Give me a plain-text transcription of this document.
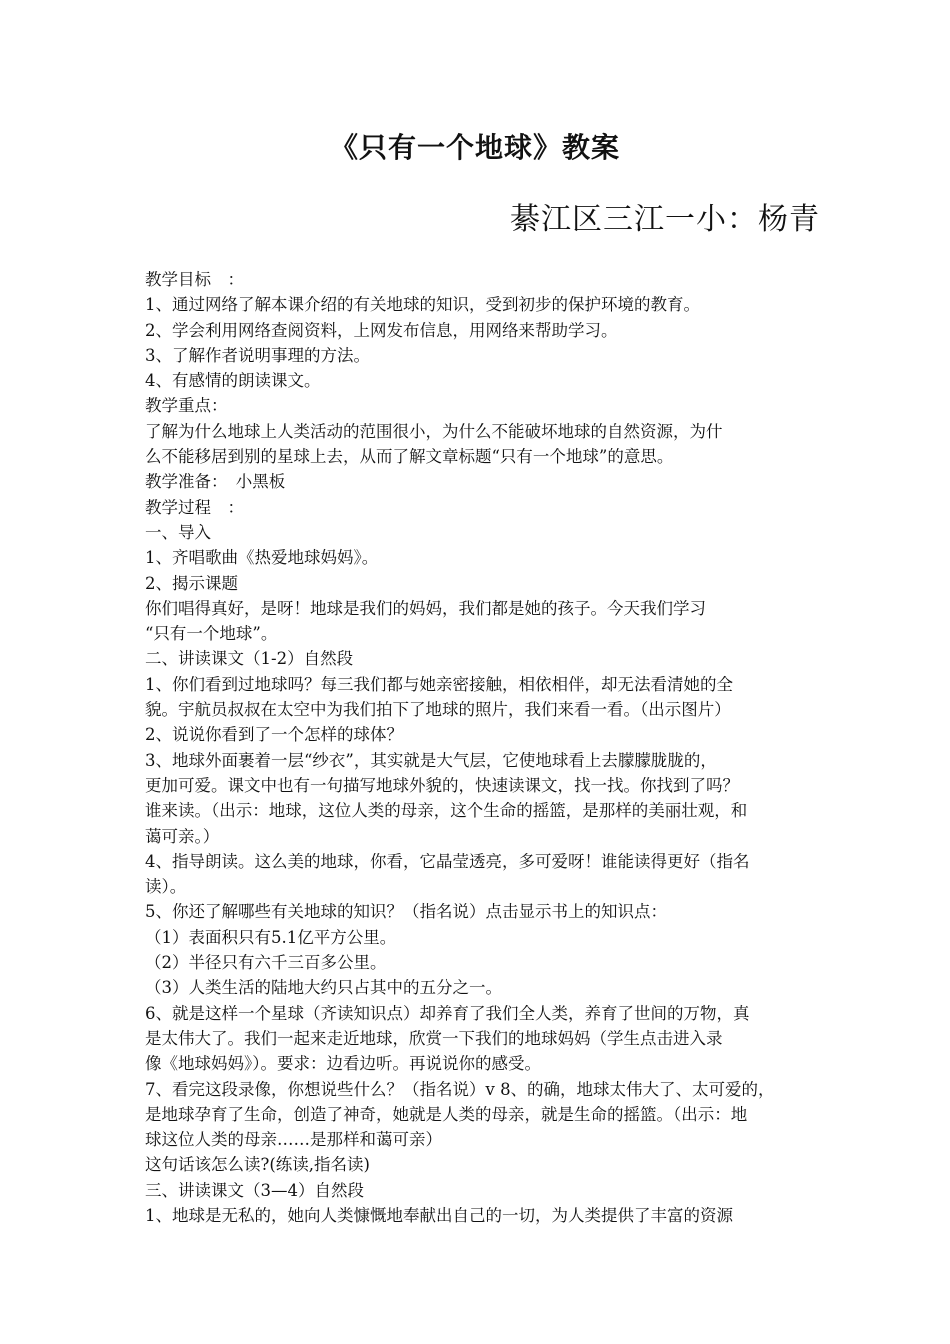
《只有一个地球》教案
綦江区三江一小：杨青
教学目标　：
1、通过网络了解本课介绍的有关地球的知识，受到初步的保护环境的教育。
2、学会利用网络查阅资料，上网发布信息，用网络来帮助学习。
3、了解作者说明事理的方法。
4、有感情的朗读课文。
教学重点：
了解为什么地球上人类活动的范围很小，为什么不能破坏地球的自然资源，为什
么不能移居到别的星球上去，从而了解文章标题“只有一个地球”的意思。
教学准备：　小黑板
教学过程　：
一、导入
1、齐唱歌曲《热爱地球妈妈》。
2、揭示课题
你们唱得真好，是呀！地球是我们的妈妈，我们都是她的孩子。今天我们学习
“只有一个地球”。
二、讲读课文（1-2）自然段
1、你们看到过地球吗？每三我们都与她亲密接触，相依相伴，却无法看清她的全
貌。宇航员叔叔在太空中为我们拍下了地球的照片，我们来看一看。（出示图片）
2、说说你看到了一个怎样的球体？
3、地球外面裹着一层“纱衣”，其实就是大气层，它使地球看上去朦朦胧胧的，
更加可爱。课文中也有一句描写地球外貌的，快速读课文，找一找。你找到了吗？
谁来读。（出示：地球，这位人类的母亲，这个生命的摇篮，是那样的美丽壮观，和
蔼可亲。）
4、指导朗读。这么美的地球，你看，它晶莹透亮，多可爱呀！谁能读得更好（指名
读）。
5、你还了解哪些有关地球的知识？（指名说）点击显示书上的知识点：
（1）表面积只有5.1亿平方公里。
（2）半径只有六千三百多公里。
（3）人类生活的陆地大约只占其中的五分之一。
6、就是这样一个星球（齐读知识点）却养育了我们全人类，养育了世间的万物，真
是太伟大了。我们一起来走近地球，欣赏一下我们的地球妈妈（学生点击进入录
像《地球妈妈》）。要求：边看边听。再说说你的感受。
7、看完这段录像，你想说些什么？（指名说）v 8、的确，地球太伟大了、太可爱的，
是地球孕育了生命，创造了神奇，她就是人类的母亲，就是生命的摇篮。（出示：地
球这位人类的母亲……是那样和蔼可亲）
这句话该怎么读?(练读,指名读)
三、讲读课文（3—4）自然段
1、地球是无私的，她向人类慷慨地奉献出自己的一切，为人类提供了丰富的资源
